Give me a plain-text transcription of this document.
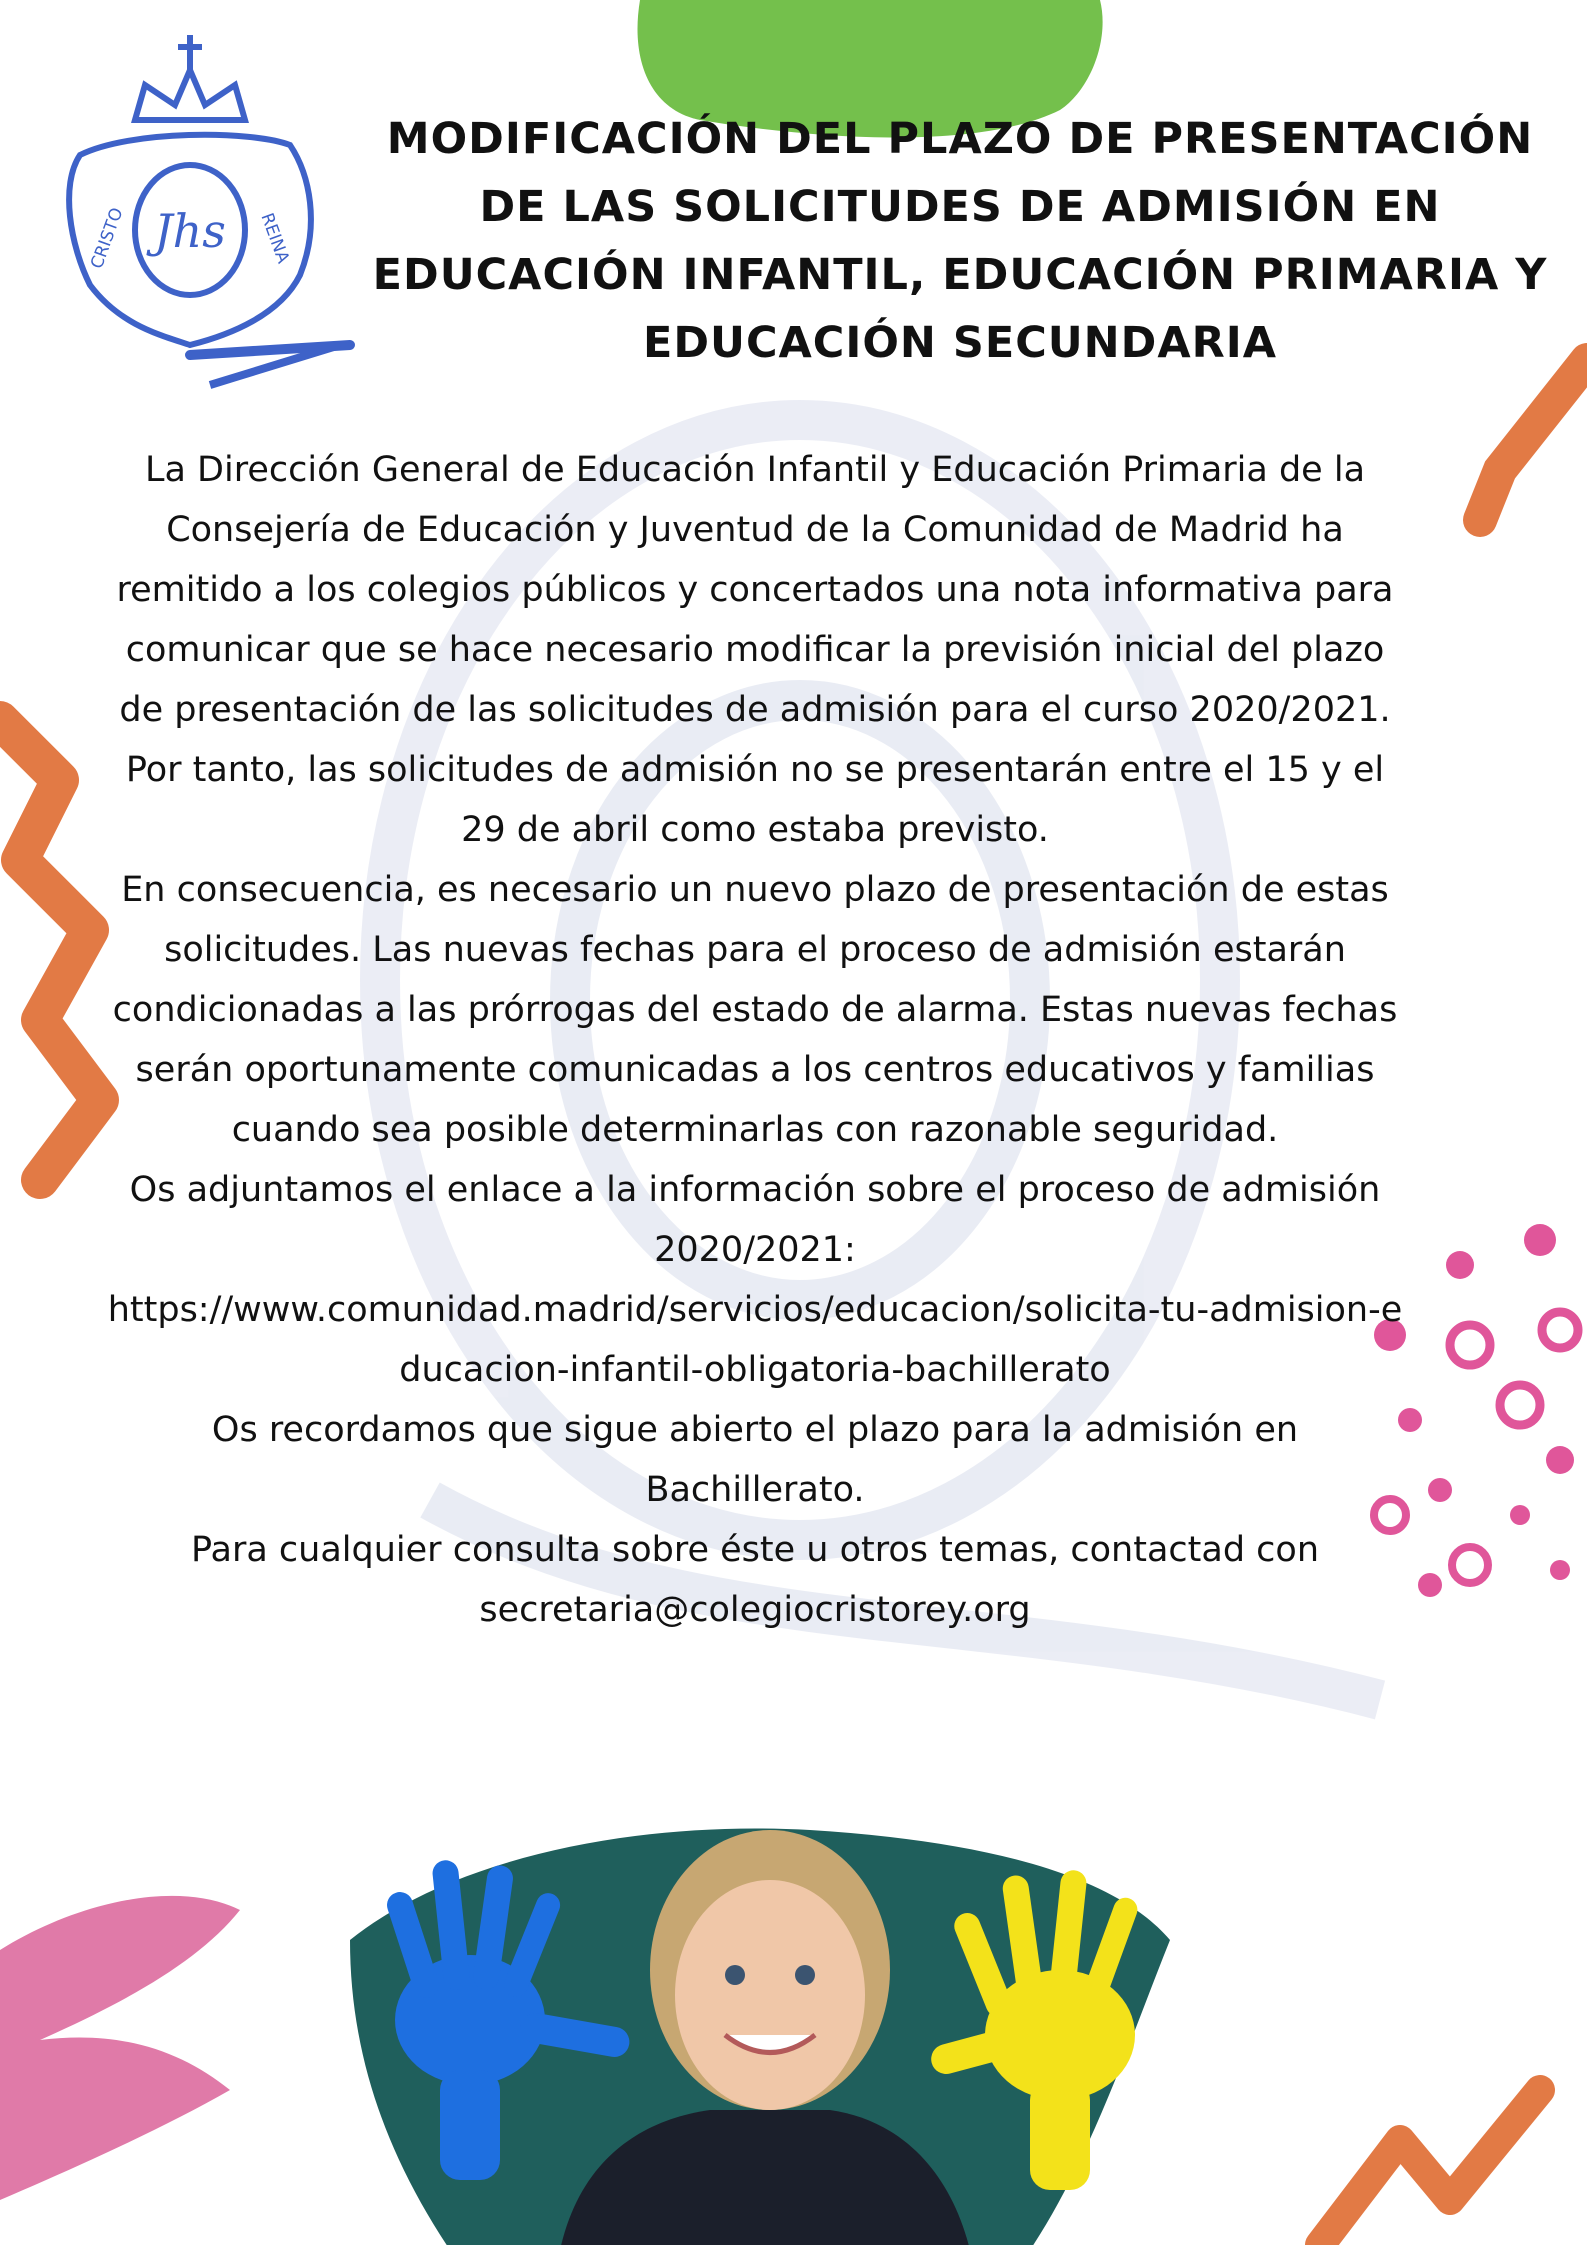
Jhs
CRISTO	REINA
MODIFICACIÓN DEL PLAZO DE PRESENTACIÓN
DE LAS SOLICITUDES DE ADMISIÓN EN
EDUCACIÓN INFANTIL, EDUCACIÓN PRIMARIA Y
EDUCACIÓN SECUNDARIA

La Dirección General de Educación Infantil y Educación Primaria de la Consejería de Educación y Juventud de la Comunidad de Madrid ha remitido a los colegios públicos y concertados una nota informativa para comunicar que se hace necesario modificar la previsión inicial del plazo de presentación de las solicitudes de admisión para el curso 2020/2021.

Por tanto, las solicitudes de admisión no se presentarán entre el 15 y el 29 de abril como estaba previsto.

En consecuencia, es necesario un nuevo plazo de presentación de estas solicitudes. Las nuevas fechas para el proceso de admisión estarán condicionadas a las prórrogas del estado de alarma. Estas nuevas fechas serán oportunamente comunicadas a los centros educativos y familias cuando sea posible determinarlas con razonable seguridad.

Os adjuntamos el enlace a la información sobre el proceso de admisión 2020/2021:

https://www.comunidad.madrid/servicios/educacion/solicita-tu-admision-educacion-infantil-obligatoria-bachillerato

Os recordamos que sigue abierto el plazo para la admisión en Bachillerato.

Para cualquier consulta sobre éste u otros temas, contactad con

secretaria@colegiocristorey.org
